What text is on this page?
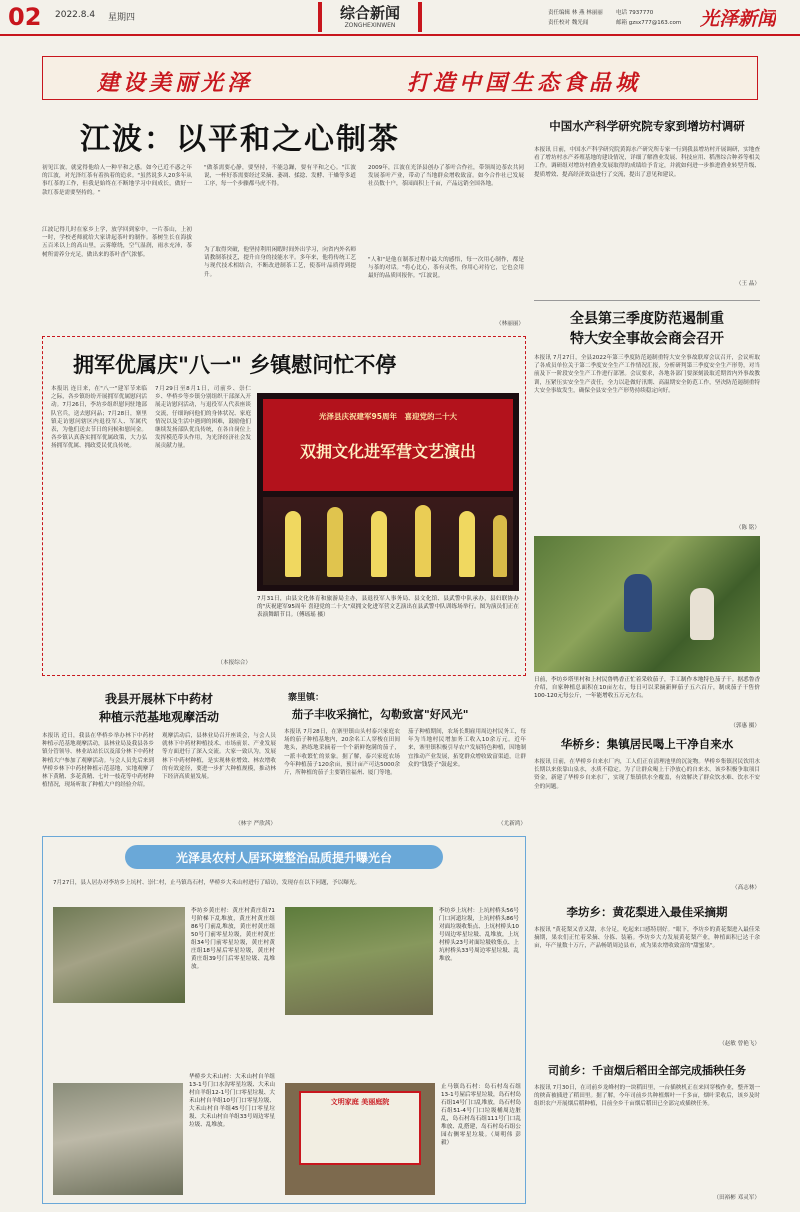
02 2022.8.4 星期四	综合新闻
ZONGHEXINWEN
责任编辑 林 燕 林丽丽 电话 7937770
责任校对 魏光闻	邮箱 gzsx777@163.com 光泽新闻
建设美丽光泽	打造中国生态食品城
江波：以平和之心制茶
初见江波，就觉得他给人一种平和之感。如今已近不惑之年的江波，对光泽红茶有着执着的追求。"虽然说多人20多年从事红茶的工作，但我是始终在不断地学习中间成长，做好一款红茶是需要坚持的。"
江波记得儿时在家乡上学，放学回到家中，一片茶山，上初一时，学校老师就给大家讲起茶叶的制作。茶树生长在海拔五百米以上的高山里，云雾缭绕，空气湿润，雨水充沛，茶树所需养分充足，做出来的茶叶香气浓郁。
"做茶需要心静，要坚持，不能急躁，要有平和之心。"江波说，一杯好茶需要经过采摘、萎凋、揉捻、发酵、干燥等多道工序，每一个步骤都马虎不得。
为了取得突破，他坚持利用闲暇时间外出学习，向省内外名师请教制茶技艺，提升自身的技能水平。多年来，他将传统工艺与现代技术相结合，不断改进制茶工艺，使茶叶品质得到提升。
2009年，江波在光泽县创办了茶叶合作社，带领周边茶农共同发展茶叶产业，带动了当地群众增收致富。如今合作社已发展社员数十户，茶园面积上千亩，产品远销全国各地。
"人和"是他在制茶过程中最大的感悟，每一次用心制作，都是与茶的对话。"将心比心，茶有灵性，你用心对待它，它也会用最好的品质回报你。"江波说。
（林丽丽）
中国水产科学研究院专家到增坊村调研
本报讯 日前，中国水产科学研究院黄海水产研究所专家一行到我县增坊村开展调研，实地查看了增坊村水产养殖基地的建设情况，详细了解渔业发展、科技应用、稻渔综合种养等相关工作。调研组对增坊村渔业发展取得的成绩给予肯定，并就如何进一步推进渔业转型升级、提质增效、提高经济效益进行了交流，提出了意见和建议。
（王 晶）
全县第三季度防范遏制重
特大安全事故会商会召开
本报讯 7月27日，全县2022年第三季度防范遏制重特大安全事故联席会议召开，会议听取了各成员单位关于第二季度安全生产工作情况汇报，分析研判第三季度安全生产形势，对当前及下一阶段安全生产工作进行部署。会议要求，各地各部门要深刻汲取近期省内外事故教训，压紧压实安全生产责任，全力以赴做好汛期、高温期安全防范工作，坚决防范遏制重特大安全事故发生，确保全县安全生产形势持续稳定向好。
（陈 铭）
拥军优属庆"八一" 乡镇慰问忙不停
本报讯 连日来，在"八一"建军节来临之际，各乡镇纷纷开展拥军优属慰问活动。7月26日，李坊乡组织慰问驻地部队官兵，送去慰问品；7月28日，寨里镇走访慰问辖区内退役军人、军属代表，为他们送去节日的问候和慰问金。各乡镇认真落实拥军优属政策，大力弘扬拥军优属、拥政爱民优良传统。
7月29日至8月1日，司前乡、崇仁乡、华桥乡等乡镇分别组织干部深入开展走访慰问活动，与退役军人代表座谈交流，仔细询问他们的身体状况、家庭情况以及生活中遇到的困难，鼓励他们继续发扬部队优良传统，在各自岗位上发挥模范带头作用，为光泽经济社会发展贡献力量。
（本报综合）
光泽县庆祝建军95周年　喜迎党的二十大
双拥文化进军营文艺演出
7月31日，由县文化体育和旅游局主办，县退役军人事务局、县文化馆、县武警中队承办，县妇联协办的"庆祝建军95周年 喜迎党的二十大"双拥文化进军营文艺演出在县武警中队训练场举行。图为演员们正在表演舞蹈节目。（傅瑶瑶 摄）
日前，李坊乡塔里村和上村民鲁鸭香正忙着采收茄子，手工制作本地特色茄子干。据悉鲁香介绍，自家种植总面积在10亩左右，每日可以采摘新鲜茄子五六百斤，制成茄子干售价100-120元每公斤，一年能增收五万元左右。
（郭惠 摄）
我县开展林下中药材
种植示范基地观摩活动
本报讯 近日，我县在华桥乡举办林下中药材种植示范基地观摩活动，县林业局及我县各乡镇分管领导、林业站站长以及部分林下中药材种植大户参加了观摩活动。与会人员先后来到华桥乡林下中药材种植示范基地，实地观摩了林下黄精、多花黄精、七叶一枝花等中药材种植情况，现场听取了种植大户的经验介绍。
观摩活动后，县林业局召开座谈会，与会人员就林下中药材种植技术、市场前景、产业发展等方面进行了深入交流。大家一致认为，发展林下中药材种植，是实现林业增效、林农增收的有效途径，要进一步扩大种植规模，推动林下经济高质量发展。
（林宇 严欣茜）
寨里镇：
茄子丰收采摘忙，勾勒致富"好风光"
本报讯 7月28日，在寨里镇山头村泰兴家庭农场的茄子种植基地内，20余名工人穿梭在田间地头，熟练地采摘着一个个新鲜饱满的茄子，一派丰收繁忙的景象。据了解，泰兴家庭农场今年种植茄子120余亩，预计亩产可达5000余斤，所种植的茄子主要销往福州、厦门等地。
茄子种植期间，农场长期雇用周边村民务工，每年为当地村民增加务工收入10余万元。近年来，寨里镇积极引导农户发展特色种植，因地制宜推动产业发展，拓宽群众增收致富渠道，让群众的"钱袋子"鼓起来。
（尤新鸿）
光泽县农村人居环境整治品质提升曝光台
7月27日，县人居办对李坊乡上坑村、崇仁村，止马镇岛石村，华桥乡大禾山村进行了暗访，发现存在以下问题，予以曝光。
李坊乡黄庄村：黄庄村黄庄组71号阶梯下乱堆放，黄庄村黄庄组86号门前乱堆放，黄庄村黄庄组50号门前零星垃圾，黄庄村黄庄组34号门前零星垃圾，黄庄村黄庄组18号屋后零星垃圾，黄庄村黄庄组39号门后零星垃圾、乱堆放。
李坊乡上坑村：上坑村桥头56号门口河道垃圾，上坑村桥头86号对面垃圾收集点、上坑村桥头10号周边零星垃圾、乱堆放，上坑村桥头23号对面垃圾收集点、上坑村桥头33号周边零星垃圾、乱堆放。
华桥乡大禾山村：大禾山村自羊组13-1号门口水沟零星垃圾、大禾山村自羊组12-1号门口零星垃圾、大禾山村自羊组10号门口零星垃圾、大禾山村自羊组45号门口零星垃圾、大禾山村自羊组33号周边零星垃圾、乱堆放。
文明家庭 美丽庭院
止马镇岛石村：岛石村岛石组13-1号屋后零星垃圾，岛石村岛石组14号门口乱堆放，岛石村岛石组51-4号门口垃圾桶周边脏乱，岛石村岛石组111号门口乱堆放、乱搭建，岛石村岛石组公园右侧零星垃圾。（周明伟 彭毅）
华桥乡：集镇居民喝上干净自来水
本报讯 日前，在华桥乡自来水厂内，工人们正在清理池里的沉淀物。华桥乡集镇居民饮用水长期以来依靠山泉水，水质不稳定。为了让群众喝上干净放心的自来水，该乡积极争取项目资金，新建了华桥乡自来水厂，实现了集镇供水全覆盖，有效解决了群众饮水难、饮水不安全的问题。
（高志林）
李坊乡：黄花梨进入最佳采摘期
本报讯 "黄花梨又香又甜，水分足，吃起来口感特别好。"眼下，李坊乡的黄花梨进入最佳采摘期，果农们正忙着采摘、分拣、装箱。李坊乡大力发展黄花梨产业，种植面积已达千余亩，年产量数十万斤，产品畅销周边县市，成为果农增收致富的"甜蜜果"。
（赵敏 曾艳飞）
司前乡：千亩烟后稻田全部完成插秧任务
本报讯 7月30日，在司前乡龙峰村的一块稻田里，一台插秧机正在来回穿梭作业，整齐划一的秧苗被插进了稻田里。据了解，今年司前乡共种植烟叶一千多亩，烟叶采收后，该乡及时组织农户开展烟后稻种植，目前全乡千亩烟后稻田已全部完成插秧任务。
（田裕彬 邓灵军）
